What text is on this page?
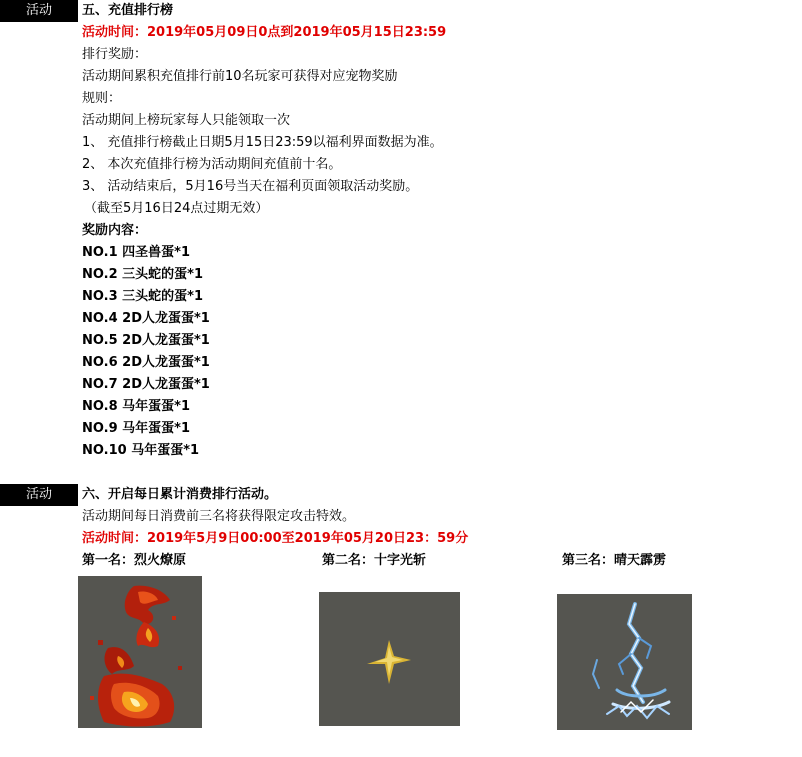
活动	五、充值排行榜
活动时间：2019年05月09日0点到2019年05月15日23:59
排行奖励：
活动期间累积充值排行前10名玩家可获得对应宠物奖励
规则：
活动期间上榜玩家每人只能领取一次
1、 充值排行榜截止日期5月15日23:59以福利界面数据为准。
2、 本次充值排行榜为活动期间充值前十名。
3、 活动结束后，5月16号当天在福利页面领取活动奖励。
（截至5月16日24点过期无效）
奖励内容：
NO.1 四圣兽蛋*1
NO.2 三头蛇的蛋*1
NO.3 三头蛇的蛋*1
NO.4 2D人龙蛋蛋*1
NO.5 2D人龙蛋蛋*1
NO.6 2D人龙蛋蛋*1
NO.7 2D人龙蛋蛋*1
NO.8 马年蛋蛋*1
NO.9 马年蛋蛋*1
NO.10 马年蛋蛋*1
活动	六、开启每日累计消费排行活动。
活动期间每日消费前三名将获得限定攻击特效。
活动时间：2019年5月9日00:00至2019年05月20日23：59分
第一名：烈火燎原	第二名：十字光斩	第三名：晴天霹雳
